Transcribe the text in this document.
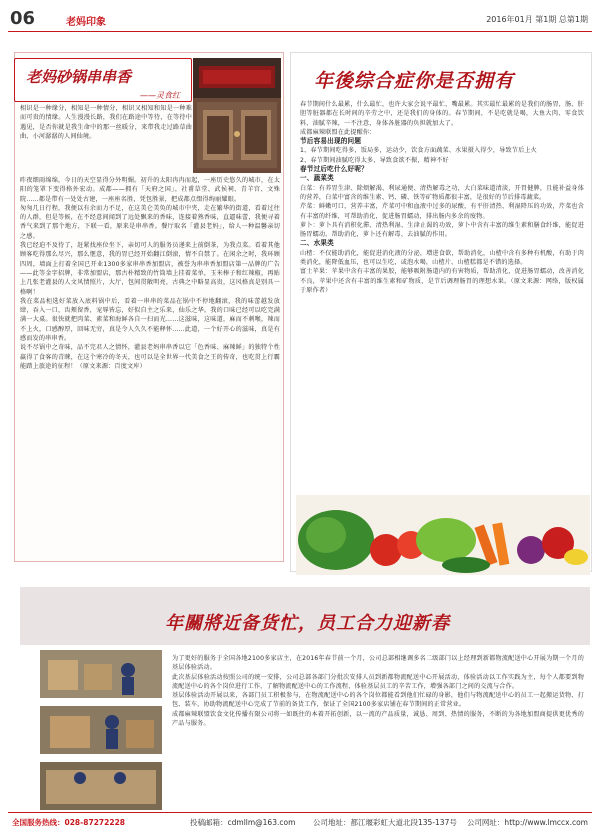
06	老妈印象	2016年01月 第1期 总第1期
老妈砂锅串串香
——灵食红
相识是一种缘分，相知是一种情分，相识又相知和知是一种难而可贵的情缘。人生漫漫长路，我们在路途中等待，在等待中遇见，是否你就是我生命中的那一丝暖分，来带我走过路草曲曲、小河潺潺的人间仙境。
昨夜细雨绵绵，今日的天空显得分外明媚。初升的太阳冉冉而起，一座历史悠久的城市，在太阳的笼罩下变得格外宏动。成都——拥有「天府之国」，社甫草堂、武侯祠、青羊宫、文殊院……都是带有一处处古建，一座座名胜，凭包胜景，把成都点缀得绚丽耀眼。
匆匆几日行程，我便以有余而力不足，在这美仑美奂的城市中夹，走在繁华的街道，看着过往的人群，但是等候，在不经意间闻到了远处飘来的香味，连接着熟香味，直逼味蕾，我便寻着香气来到了那个地方，下联一看，原来是串串香。餐厅取名「灌县老妈」，给人一种温馨亲切之感。
我已经迫不及待了，赶紧找座位坐下，亲切可人的服务员递来上前倒茶，为我点菜。看着其他顾客吃得那么尽兴，那么惬意，我的胃已经开始翻江倒滚，情不自禁了。在闲余之时，我环顾四周，墙面上打着全国已开业1300多家串串香加盟店，被誉为串串香加盟店第一品牌的广告——此等金字招牌，非常加盟店，那古朴精致的竹筒墙上挂着菜单，玉米棒子和红辣椒，再贴上几张老灌县的人文风情照片，大厅，包间贯敞明亮，古典之中略显高贵，这风格真是别具一格啊！
我在菜品柜选好菜放入底料锅中后，看着一串串的菜品在锅中不停地翻滚，我的味蕾越发放肆，吞入一口，齿颊留香，宠辱皆忘，好似自主之乐来，仙乐之华。我的口味已经可以吃完满满一大桌。很快就把肉菜、素菜和海鲜各自一扫而光……这滋味，这味道，麻而不刺喉，辣而不上火，口感醇厚，回味无穷，真是令人久久不能释怀……此道，一个好开心的滋味，真是有感而发的串串香。
说不尽锅中之奇味，品不完君人之情怀，灌县老妈串串香以它「色香味、麻辣鲜」的独特个性赢得了食客的青睐，在这个寒冷的冬天，也可以是全世界一代美食之王的传奇，也吃贯上行霸能踏上旅途的征程！（原文来源：百度文库）
年後综合症你是否拥有
春节期间什么最累，什么最忙，也许大家会说平最忙，嘴最累。其实最忙最累的是我们的肠胃，肠、肝胆等脏器都在长时间的辛劳之中，还是我们的身体的。春节期间，不是吃就是喝，大鱼大肉、零食饮料、油腻辛辣，一不注意，身体各脏器的负担就加大了。
成都麻辣联盟在此提醒你：
节后容易出现的问题
1、春节期间吃得多，饭局多，运动少，饮食方面蔬菜、水果摄入得少，导致节后上火
2、春节期间油腻吃得太多，导致食欲不振，精神不好
春节过后吃什么好呢？
一、蔬菜类
白菜：有养胃生津、除烦解渴、利尿通便、清热解毒之功，大白菜味道清淡，开胃健脾，且能补益身体的营养，白菜中富含的维生素、钙、磷、铁等矿物质都很丰富，是很好的节后排毒蔬菜。
芹菜：鲜嫩可口，营养丰富，芹菜可中和血液中过多的尿酸，有平肝清热、利湿降压的功效，芹菜也含有丰富的纤维，可帮助消化，促进肠胃蠕动，排出肠内多余的废物。
萝卜：萝卜具有消积化滞、清热利湿、生津止渴的功效，萝卜中含有丰富的维生素和膳食纤维，能促进肠胃蠕动，帮助消化，萝卜还有解毒、去油腻的作用。
二、水果类
山楂：不仅能助消化，能促进消化液的分泌，增进食欲，帮助消化，山楂中含有多种有机酸，有助于肉类消化，能降低血压，也可以生吃，或泡水喝，山楂片、山楂糕都是不错的选择。
富士苹果：苹果中含有丰富的果胶，能够吸附肠道内的有害物质，帮助消化，促进肠胃蠕动，改善消化不良，苹果中还含有丰富的维生素和矿物质，是节后调理肠胃的理想水果。（原文来源：网络，版权属于原作者）
年關將近备货忙，员工合力迎新春
为了更好的服务于全国各地2100多家店主，在2016年春节前一个月，公司总部相继调多名二级部门以上经理到新都物流配送中心开展为期一个月的基层体验活动。
此次基层体验活动按照公司的统一安排，公司总部各部门分批次安排人员到新都物流配送中心开展活动，体验活动以工作实践为主，每个人都要到物流配送中心的各个岗位进行工作，了解物流配送中心的工作流程，体验基层员工的辛苦工作，增强各部门之间的交流与合作。
基层体验活动开展以来，各部门员工积极参与，在物流配送中心的各个岗位都能看到他们忙碌的身影，他们与物流配送中心的员工一起搬运货物、打包、装车，协助物流配送中心完成了节前的备货工作，保证了全国2100多家店铺在春节期间的正常营业。
成都麻辣联盟饮食文化传播有限公司将一如既往的本着开拓创新，以一流的产品质量，诚恳、周到、热情的服务，不断的为各地加盟商提供更优秀的产品与服务。
全国服务热线：028-87272228	投稿邮箱：cdmllm@163.com 公司地址：都江堰彩虹大道北段135-137号 公司网址：http://www.lmccx.com
